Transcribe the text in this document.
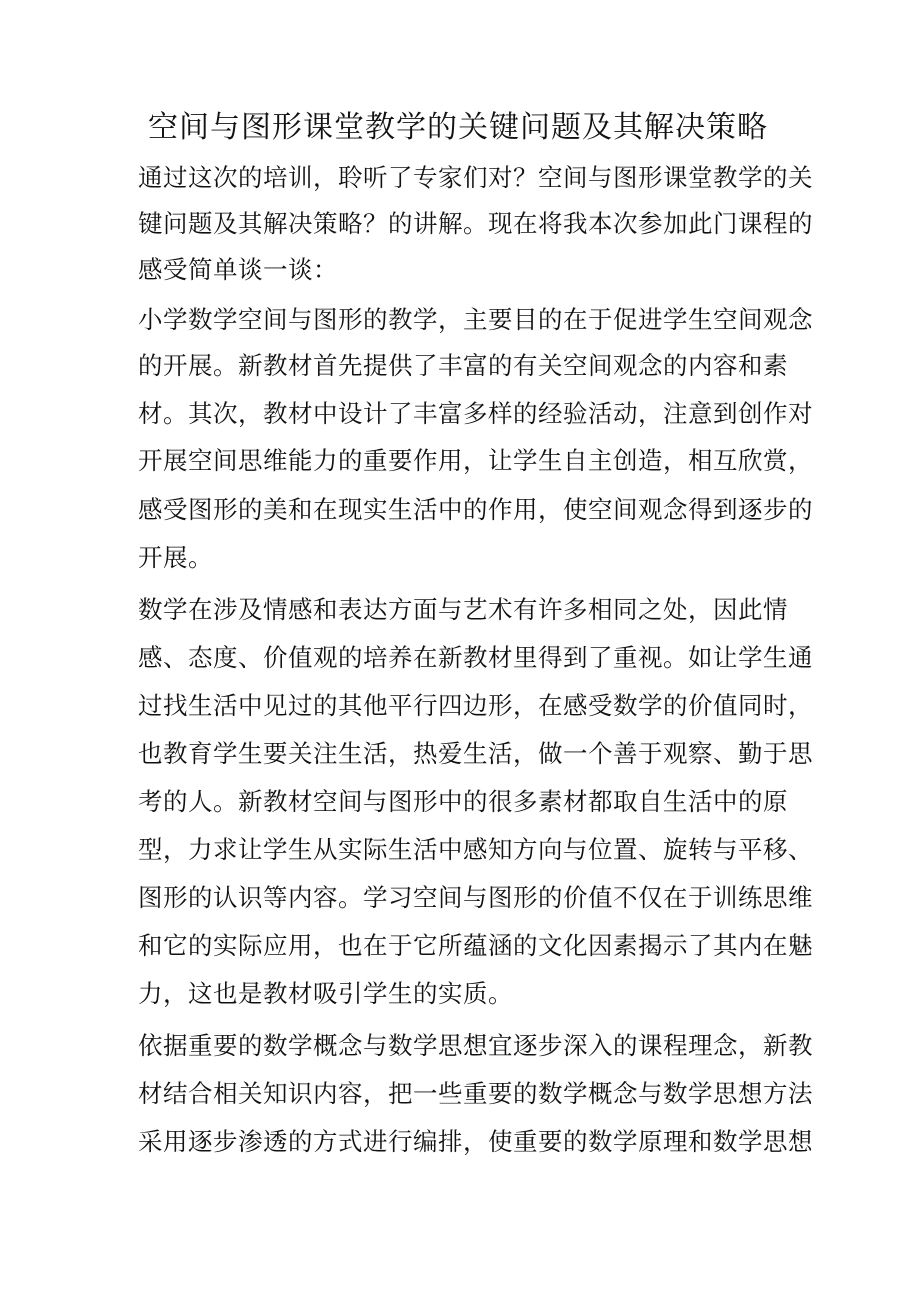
空间与图形课堂教学的关键问题及其解决策略

通过这次的培训，聆听了专家们对？空间与图形课堂教学的关

键问题及其解决策略？的讲解。现在将我本次参加此门课程的

感受简单谈一谈：

小学数学空间与图形的教学，主要目的在于促进学生空间观念

的开展。新教材首先提供了丰富的有关空间观念的内容和素

材。其次，教材中设计了丰富多样的经验活动，注意到创作对

开展空间思维能力的重要作用，让学生自主创造，相互欣赏，

感受图形的美和在现实生活中的作用，使空间观念得到逐步的

开展。

数学在涉及情感和表达方面与艺术有许多相同之处，因此情

感、态度、价值观的培养在新教材里得到了重视。如让学生通

过找生活中见过的其他平行四边形，在感受数学的价值同时，

也教育学生要关注生活，热爱生活，做一个善于观察、勤于思

考的人。新教材空间与图形中的很多素材都取自生活中的原

型，力求让学生从实际生活中感知方向与位置、旋转与平移、

图形的认识等内容。学习空间与图形的价值不仅在于训练思维

和它的实际应用，也在于它所蕴涵的文化因素揭示了其内在魅

力，这也是教材吸引学生的实质。

依据重要的数学概念与数学思想宜逐步深入的课程理念，新教

材结合相关知识内容，把一些重要的数学概念与数学思想方法

采用逐步渗透的方式进行编排，使重要的数学原理和数学思想
